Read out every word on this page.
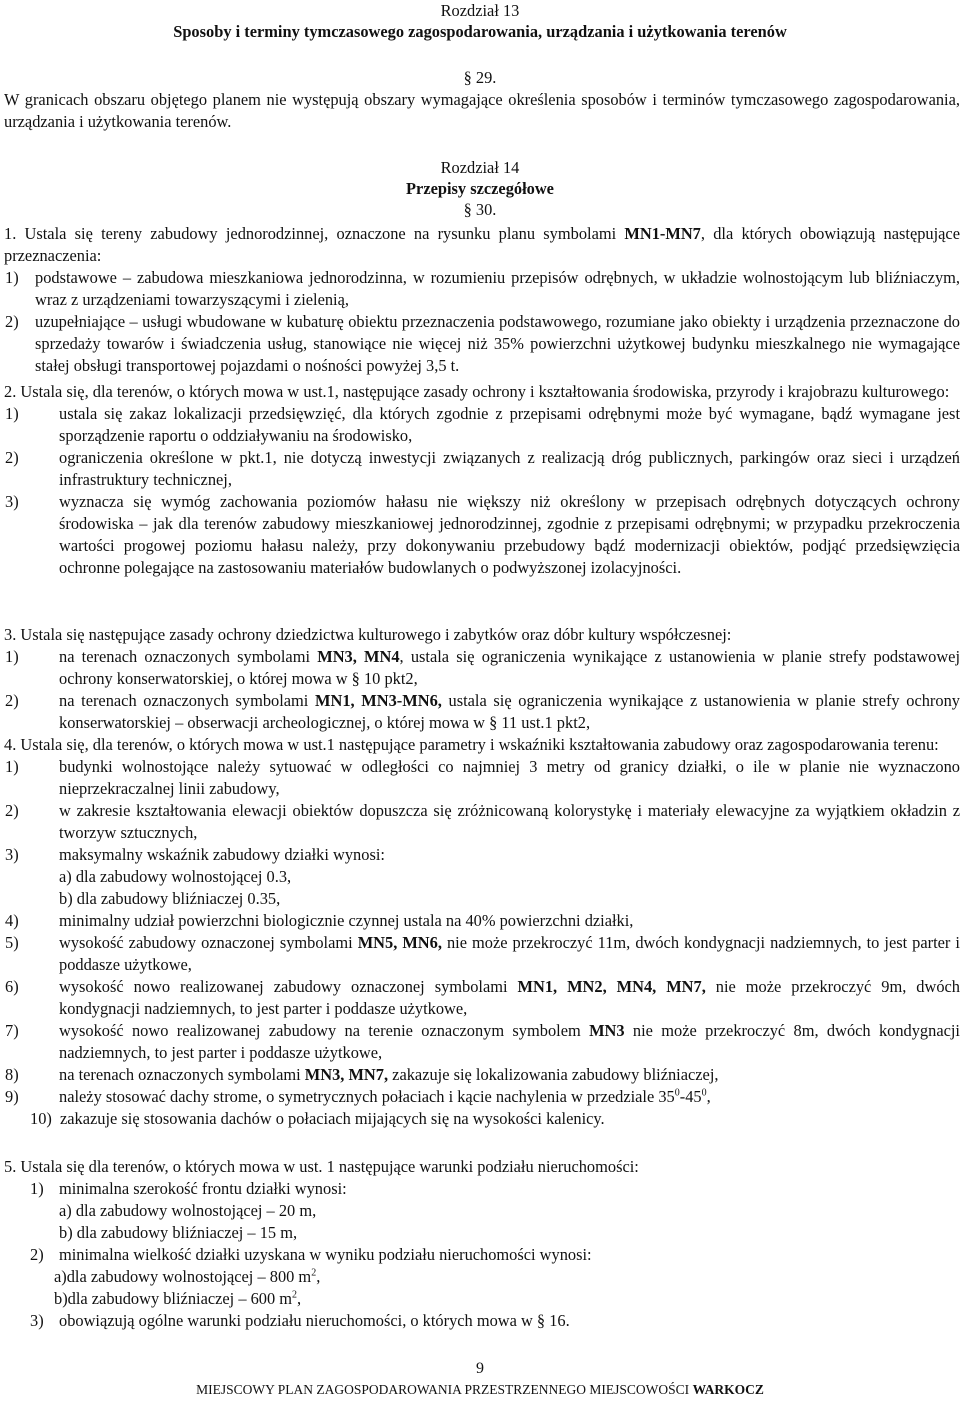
Rozdział 13
Sposoby i terminy tymczasowego zagospodarowania, urządzania i użytkowania terenów
§ 29.
W granicach obszaru objętego planem nie występują obszary wymagające określenia sposobów i terminów tymczasowego zagospodarowania, urządzania i użytkowania terenów.
Rozdział 14
Przepisy szczegółowe
§ 30.
1. Ustala się tereny zabudowy jednorodzinnej, oznaczone na rysunku planu symbolami MN1-MN7, dla których obowiązują następujące przeznaczenia:
1) podstawowe – zabudowa mieszkaniowa jednorodzinna, w rozumieniu przepisów odrębnych, w układzie wolnostojącym lub bliźniaczym, wraz z urządzeniami towarzyszącymi i zielenią,
2) uzupełniające – usługi wbudowane w kubaturę obiektu przeznaczenia podstawowego, rozumiane jako obiekty i urządzenia przeznaczone do sprzedaży towarów i świadczenia usług, stanowiące nie więcej niż 35% powierzchni użytkowej budynku mieszkalnego nie wymagające stałej obsługi transportowej pojazdami o nośności powyżej 3,5 t.
2. Ustala się, dla terenów, o których mowa w ust.1, następujące zasady ochrony i kształtowania środowiska, przyrody i krajobrazu kulturowego:
1)	ustala się zakaz lokalizacji przedsięwzięć, dla których zgodnie z przepisami odrębnymi może być wymagane, bądź wymagane jest sporządzenie raportu o oddziaływaniu na środowisko,
2)	ograniczenia określone w pkt.1, nie dotyczą inwestycji związanych z realizacją dróg publicznych, parkingów oraz sieci i urządzeń infrastruktury technicznej,
3)	wyznacza się wymóg zachowania poziomów hałasu nie większy niż określony w przepisach odrębnych dotyczących ochrony środowiska – jak dla terenów zabudowy mieszkaniowej jednorodzinnej, zgodnie z przepisami odrębnymi; w przypadku przekroczenia wartości progowej poziomu hałasu należy, przy dokonywaniu przebudowy bądź modernizacji obiektów, podjąć przedsięwzięcia ochronne polegające na zastosowaniu materiałów budowlanych o podwyższonej izolacyjności.
3. Ustala się następujące zasady ochrony dziedzictwa kulturowego i zabytków oraz dóbr kultury współczesnej:
1)	na terenach oznaczonych symbolami MN3, MN4, ustala się ograniczenia wynikające z ustanowienia w planie strefy podstawowej ochrony konserwatorskiej, o której mowa w § 10 pkt2,
2)	na terenach oznaczonych symbolami MN1, MN3-MN6, ustala się ograniczenia wynikające z ustanowienia w planie strefy ochrony konserwatorskiej – obserwacji archeologicznej, o której mowa w § 11 ust.1 pkt2,
4. Ustala się, dla terenów, o których mowa w ust.1 następujące parametry i wskaźniki kształtowania zabudowy oraz zagospodarowania terenu:
1)	budynki wolnostojące należy sytuować w odległości co najmniej 3 metry od granicy działki, o ile w planie nie wyznaczono nieprzekraczalnej linii zabudowy,
2)	w zakresie kształtowania elewacji obiektów dopuszcza się zróżnicowaną kolorystykę i materiały elewacyjne za wyjątkiem okładzin z tworzyw sztucznych,
3)	maksymalny wskaźnik zabudowy działki wynosi:
a) dla zabudowy wolnostojącej 0.3,
b) dla zabudowy bliźniaczej 0.35,
4)	minimalny udział powierzchni biologicznie czynnej ustala na 40% powierzchni działki,
5)	wysokość zabudowy oznaczonej symbolami MN5, MN6, nie może przekroczyć 11m, dwóch kondygnacji nadziemnych, to jest parter i poddasze użytkowe,
6)	wysokość nowo realizowanej zabudowy oznaczonej symbolami MN1, MN2, MN4, MN7, nie może przekroczyć 9m, dwóch kondygnacji nadziemnych, to jest parter i poddasze użytkowe,
7)	wysokość nowo realizowanej zabudowy na terenie oznaczonym symbolem MN3 nie może przekroczyć 8m, dwóch kondygnacji nadziemnych, to jest parter i poddasze użytkowe,
8)	na terenach oznaczonych symbolami MN3, MN7, zakazuje się lokalizowania zabudowy bliźniaczej,
9)	należy stosować dachy strome, o symetrycznych połaciach i kącie nachylenia w przedziale $35^0-45^0$,
10) zakazuje się stosowania dachów o połaciach mijających się na wysokości kalenicy.
5. Ustala się dla terenów, o których mowa w ust. 1 następujące warunki podziału nieruchomości:
1) minimalna szerokość frontu działki wynosi:
a) dla zabudowy wolnostojącej – 20 m,
b) dla zabudowy bliźniaczej – 15 m,
2) minimalna wielkość działki uzyskana w wyniku podziału nieruchomości wynosi:
a)dla zabudowy wolnostojącej – 800 $m^2$,
b)dla zabudowy bliźniaczej – 600 $m^2$,
3) obowiązują ogólne warunki podziału nieruchomości, o których mowa w § 16.
9
MIEJSCOWY PLAN ZAGOSPODAROWANIA PRZESTRZENNEGO MIEJSCOWOŚCI WARKOCZ
